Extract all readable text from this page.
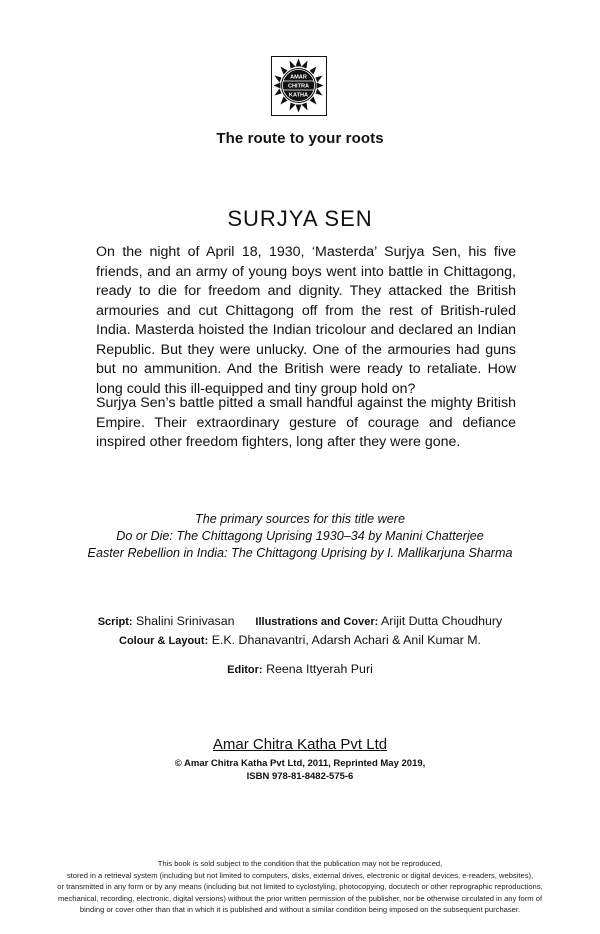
AMAR
CHITRA
KATHA
The route to your roots
SURJYA SEN

On the night of April 18, 1930, ‘Masterda’ Surjya Sen, his five friends, and an army of young boys went into battle in Chittagong, ready to die for freedom and dignity. They attacked the British armouries and cut Chittagong off from the rest of British-ruled India. Masterda hoisted the Indian tricolour and declared an Indian Republic. But they were unlucky. One of the armouries had guns but no ammunition. And the British were ready to retaliate. How long could this ill-equipped and tiny group hold on?

Surjya Sen’s battle pitted a small handful against the mighty British Empire. Their extraordinary gesture of courage and defiance inspired other freedom fighters, long after they were gone.

The primary sources for this title were
Do or Die: The Chittagong Uprising 1930–34 by Manini Chatterjee
Easter Rebellion in India: The Chittagong Uprising by I. Mallikarjuna Sharma
Script: Shalini Srinivasan Illustrations and Cover: Arijit Dutta Choudhury
Colour & Layout: E.K. Dhanavantri, Adarsh Achari & Anil Kumar M.
Editor: Reena Ittyerah Puri
Amar Chitra Katha Pvt Ltd
© Amar Chitra Katha Pvt Ltd, 2011, Reprinted May 2019,
ISBN 978-81-8482-575-6
This book is sold subject to the condition that the publication may not be reproduced,
stored in a retrieval system (including but not limited to computers, disks, external drives, electronic or digital devices, e-readers, websites),
or transmitted in any form or by any means (including but not limited to cyclostyling, photocopying, docutech or other reprographic reproductions,
mechanical, recording, electronic, digital versions) without the prior written permission of the publisher, nor be otherwise circulated in any form of
binding or cover other than that in which it is published and without a similar condition being imposed on the subsequent purchaser.
